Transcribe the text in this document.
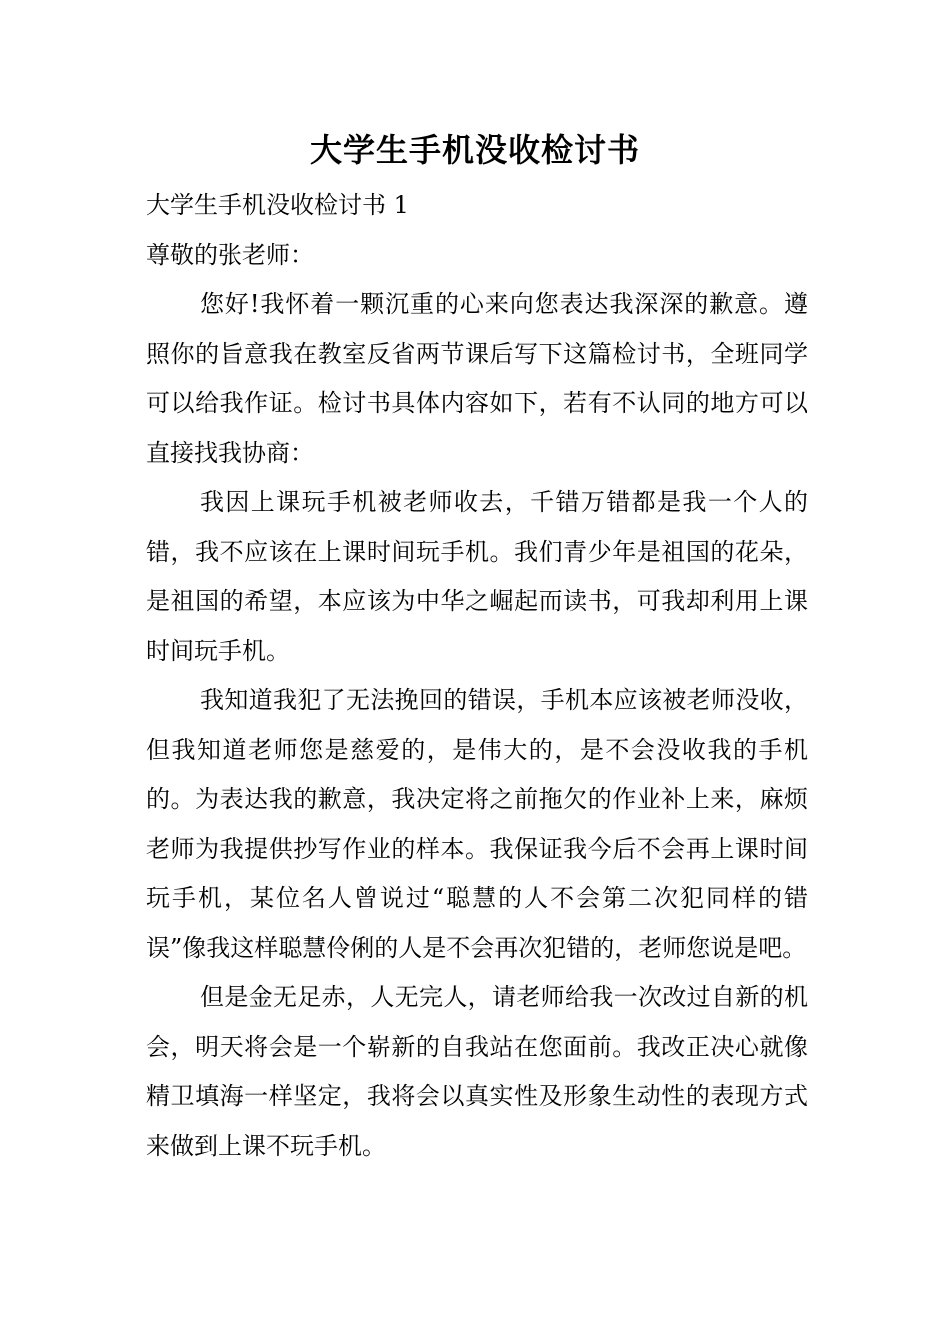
大学生手机没收检讨书

大学生手机没收检讨书 1

尊敬的张老师：

您好!我怀着一颗沉重的心来向您表达我深深的歉意。遵照你的旨意我在教室反省两节课后写下这篇检讨书，全班同学可以给我作证。检讨书具体内容如下，若有不认同的地方可以直接找我协商：

我因上课玩手机被老师收去，千错万错都是我一个人的错，我不应该在上课时间玩手机。我们青少年是祖国的花朵，是祖国的希望，本应该为中华之崛起而读书，可我却利用上课时间玩手机。

我知道我犯了无法挽回的错误，手机本应该被老师没收，但我知道老师您是慈爱的，是伟大的，是不会没收我的手机的。为表达我的歉意，我决定将之前拖欠的作业补上来，麻烦老师为我提供抄写作业的样本。我保证我今后不会再上课时间玩手机，某位名人曾说过“聪慧的人不会第二次犯同样的错误”像我这样聪慧伶俐的人是不会再次犯错的，老师您说是吧。

但是金无足赤，人无完人，请老师给我一次改过自新的机会，明天将会是一个崭新的自我站在您面前。我改正决心就像精卫填海一样坚定，我将会以真实性及形象生动性的表现方式来做到上课不玩手机。
